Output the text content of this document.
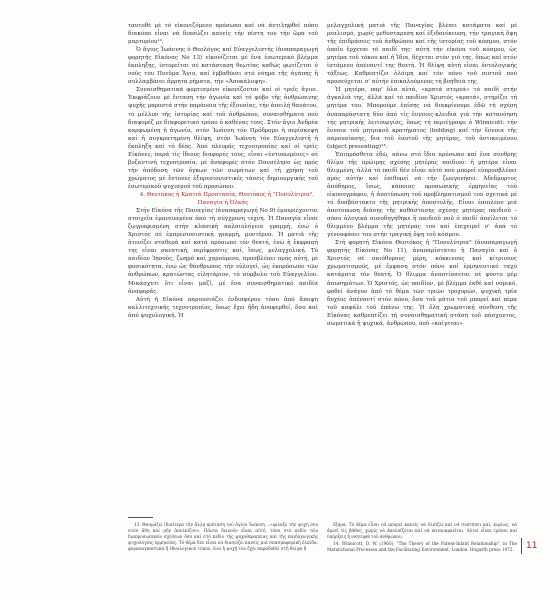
ταυτοθέ μέ τό εἰκονιζόμενο πρόσωπο καί νά ἀντιληφθεί πόσο διακόπο εἶναι νά διασώζει κανείς τήν πίστη του τήν ὥρα τοῦ μαρτυρίου¹³.

Ὁ ἅγιος Ἰωάννης ὁ Θεολόγος καί Εὐαγγελιστής (ἀναπαραγωγή φορητής Εἰκόνας Νο 13) εἰκονίζεται μέ ἕνα ἐσωτερικό βλέμμα ἔκπληξης, ἱστορεῖται σέ κατάσταση θεωτίας καθώς φωτίζεται ὁ νοῦς του Πνεῦμα Ἅγιο, καί ἐμβαθύνει στό νόημα τῆς ἀγάπης ἢ συλλαμβάνει ἄρρητα ρήματα, τήν «Ἀποκάλυψη».

Συναισθηματικά φορτισμένο εἰκονίζονται καί οἱ τρεῖς ἅγιοι. Ἐκφράζουν μέ ἔνταση τήν ἀγωνία καί τό φόβο τῆς ἀνθρώπινης ψυχῆς μπροστά στήν παράνοια τῆς ἐξουσίας, τήν ἀπειλή θανάτου, τό μέλλον τῆς ἱστορίας καί τοῦ ἀνθρώπου, συναισθήματα πού διαφορέζ με διαφορετικό τρόπο ὁ καθένας τους. Στόν ἅγιο Ἀνδρέα καρφωμένη ἡ ἀγωνία, στόν Ἰωάννη τόν Πρόδρομο ἡ περίσκεψη καί ἡ συγκρατημένη θλίψη, στόν Ἰωάννη τόν Εὐαγγελιστή ἡ ἔκπληξη καί τό δέος. Ἀπό πλευράς τεχνοτροπίας καί οἱ τρεῖς Εἰκόνες, παρά τίς ἴδιους διαφορές τους, εἶναι «ἐντυπωμένες» σέ βυζαντινή τεχνοτροπία, μέ ἀναφορές στόν Πανσέληνο ὡς πρός τήν ἀπόδοση τῶν ὄγκων τῶν σωμάτων καί τή χρήση τοῦ χρώματος μέ ἔντονες ἐξπρεσιονιστικές τάσεις δημιουργικής τοῦ ἐσωτερικοῦ ψυχισμοῦ τοῦ προσώπου.

4. Θεοτόκος ἡ Κρατιά Προστασία, Θεοτόκος ἡ "Πονολύτρια", Παναγία ἡ Ὁλκάς

Στήν Εἰκόνα τῆς Παναγίας (ἀναπαραγωγή Νο 9) ἐμπεριέχονται στοιχεῖα ἐμπνευσμένα ἀπό τή σύγχρονη τέχνη. Ἡ Παναγία εἶναι ζωγραφισμένη στήν κλασική παλαιολόγεια γραμμή, ἐνώ ὁ Χριστός σέ ἐμπρεσιονιστική γραμμή, μοντέρνα. Ἡ ματιά τῆς ἀτενίζει σταθερά καί κατά πρόσωπο τόν θεατή, ἐνώ ἡ ἔκφρασή της εἶναι σκεπτική, περίφροντις καί, ἴσως, μελαγχολική. Τό παιδίον Ἰησοῦς, ζωηρό καί χαρούμενο, προσβλέπει πρός αὐτή, μέ φυσικότητα, ἐνώ ὡς θάνθρωπος τήν εὐλογεῖ, ὡς ἐκπρόσωπο τῶν ἀνθρώπων, κρατώντας εἰλητάριον, τό σύμβολο τοῦ Εὐαγγελίου. Μικάσχυτι ὅτι εἶναι μαζί, μέ ἕνα συναισθηματικό παιδία ἀναφορᾶς.

Αὐτή ἡ Εἰκόνα παρουσιάζει ἐνδιαφέρον τόσο ἀπό ἄποψη καλλιτεχνικής τεχνοτροπίας, ὅπως ἔχει ἤδη ἀναφερθεί, ὅσο καί ἀπό ψυχολογική. Ἡ

μελαγχολική ματιά τῆς Παναγίας βλέπει κατάματα καί μέ ρεαλισμό, χωρίς μεθυσταρεση καί ἐξιδανίκευση, τήν τραγική ὄψη τῆς ἐπιδράσεις τοῦ ἀνθρώπου καί τῆς ἱστορίας τοῦ κόσμου, στόν ὁποῖο ἔρχεται τό παιδί της· αὐτή τήν εἰκόνα τοῦ κόσμου, ὡς μητέρα τοῦ τόκου καί ἡ Ἰδια, δέχεται στόν γιό της, ὅπως καί στόν ἱστάμενο ἀπέναντί της θεατή. Ἡ θλίψη αὐτή εἶναι ὀντολογικής τάξεως. Καθρεπτίζει ὁλόιμη καί τόν πόνο τοῦ πιστοῦ πού προσεύχεται σ' αὐτήν ἐπικαλούμενος τή βοήθειά της.

Ἡ μητέρα, παρ' ὅλα αὐτά, «κρατά στερεά» τό παιδί στήν ἀγκαλιά της, ἀλλά καί τό παιδίον Χριστός «κρατά», στηρίζει τή μητέρα του. Μπορούμε ἐπίσης νά διακρίνουμε ἐδῶ τή σχέση ἀναπαράστατη δύο ἀπό τίς ἔννοιες-κλειδιά γιά τήν κατανόηση τής μητρικής λειτουργίας, ὅπως τή περιέγραψε ὁ Winnicott: τήν ἔννοια τοῦ μητρικοῦ κρατήματος (holding) καί τήν ἔννοια τῆς παρουσίασης, δια τοῦ ἑαυτοῦ τῆς μητέρας, τοῦ ἀντικειμένου (object presenting)¹⁴.

Ἐπιπρόσθετα ἐδῶ, πάνω στό ἴδιο πρόσωπο καί ἕνα σύνθρης θλίμα τῆς πρώιμης σχέσης μητέρας παιδιού: ἡ μητέρα εἶναι θλιμμένη, ἀλλά τό παιδί δέν εἶναι αὐτό πού μπορεῖ εὐπροσβλέπει πρός αὐτήν καί ἐπιθυμεί νά τήν ζωογονήσει. Ἀδεδμορτος ἀπόδημος, ἴσως, κάποιας προσωπικής ἐρμηνείας τοῦ εἰκονογράφου, ἡ ἀποτύπωση τοῦ προβληματισμοῦ του σχετικά μέ τό δυσβάστακτο τῆς μητρικής ἀποστολῆς. Εἶναι ἐπιπλέον μιά ἀποτύπωση διάσης τῆς καθάστασης σχέσης μητέρας παιδιοῦ – σόσο ἀλογικά συνοδηγήθηκε ἢ παιδιοῦ ποῦ ὁ παιδί ἀπείλεται τό θλιμμένο βλέμμα τῆς μητέρας του καί ἐπιχειρεῖ ν' ἀπά τό γεννοφάσει του στήν τραγική ὄψη τοῦ κόσμου.

Στή φορητή Εἰκόνα Θεοτόκος ἡ "Πονολύτρια" (ἀναπαραγωγή φορητής Εἰκόνας Νο 11), ἀναπαρίσταται ἡ Παναγία καί ὁ Χριστός σέ σκιόθυρους μέρη, κόκκινους καί κίτρινους χρωματισμούς, μέ ἔμφαση στόν πόνο καί ἑρμηνευτικό ταχύ κατάματα τόν θεατή. Ὁ θλιμμα ἀναπτίσσεται σέ φόντο μέρ ἀπυσημάτων. Ὁ Χριστός, ὡς παιδίον, μέ βλέμμα ἐκθέ καί νομικό, φοθεί ἀνάγον ἀπό τό θέμα τῶν τριῶν τροχορών, ψυχική τρία δυχέος ἀπέναντί στόν πόνο, ὅσα τοῦ μάτια τοῦ μπορεῖ καί πέρα τοῦ καφάλι τοῦ ἐπάνω της. Ἡ ὅλη χρωματική σύνθεση τῆς Εἰκόνας καθρεπτίζει τή συναισθηματική στάση τοῦ πάσχοντος, σωματικά ἢ ψυχικά, ἀνθρώπου, ποῦ «καίγεται»

13. Θαυμάζει ἰδιαίτερα τήν ἄλλη πρόταση τοῦ ἁγίου Ἰωάννη ...«φιλαξε τήν ψυχή σου στόν ἄδη καί μήν ἀπελπίζου». Πάντα δεινούν εἶναι αὐτό, τόσο στό πεδίο τῶν διαπροσωπικῶν σχέσεων ὅσο καί στό πεδίο τῆς ψυχοθεραπείας καί τῆς παιδαγωγικής ψυχολογίας ἑρμηνείας. Τό θέμα δέν εἶναι νά διασώζει κανείς μιά σπασμαφορική ἐλπίδα, φοραναγκαστικά ἢ ἐθνολογικού τύπου, ἐνώ ἡ ψυχή του ἔχει παραδοθεῖ στή θλίψη ἢ

ἐξαρα. Τό θέμα εἶναι νά μπορεῖ κανείς νά ἐλπίζει καί νά συστήσει καί, κυρίως, νά ἀρνεῖ τίς βάθος, χωρίς νά ἀπελπίζεται καί νά καταναρκεῖται. Αὐτοί εἶναι τρόποι καί ὑπάρξεις ἡ νοητίφιθ τοῦ ἀνθρώπου.

14. Winnicott, D. W. (1960), "The Theory of the Parent-Infant Relationship", in The Maturational Processes and the Facilitating Environment, London, Hogarth press 1972.	11
